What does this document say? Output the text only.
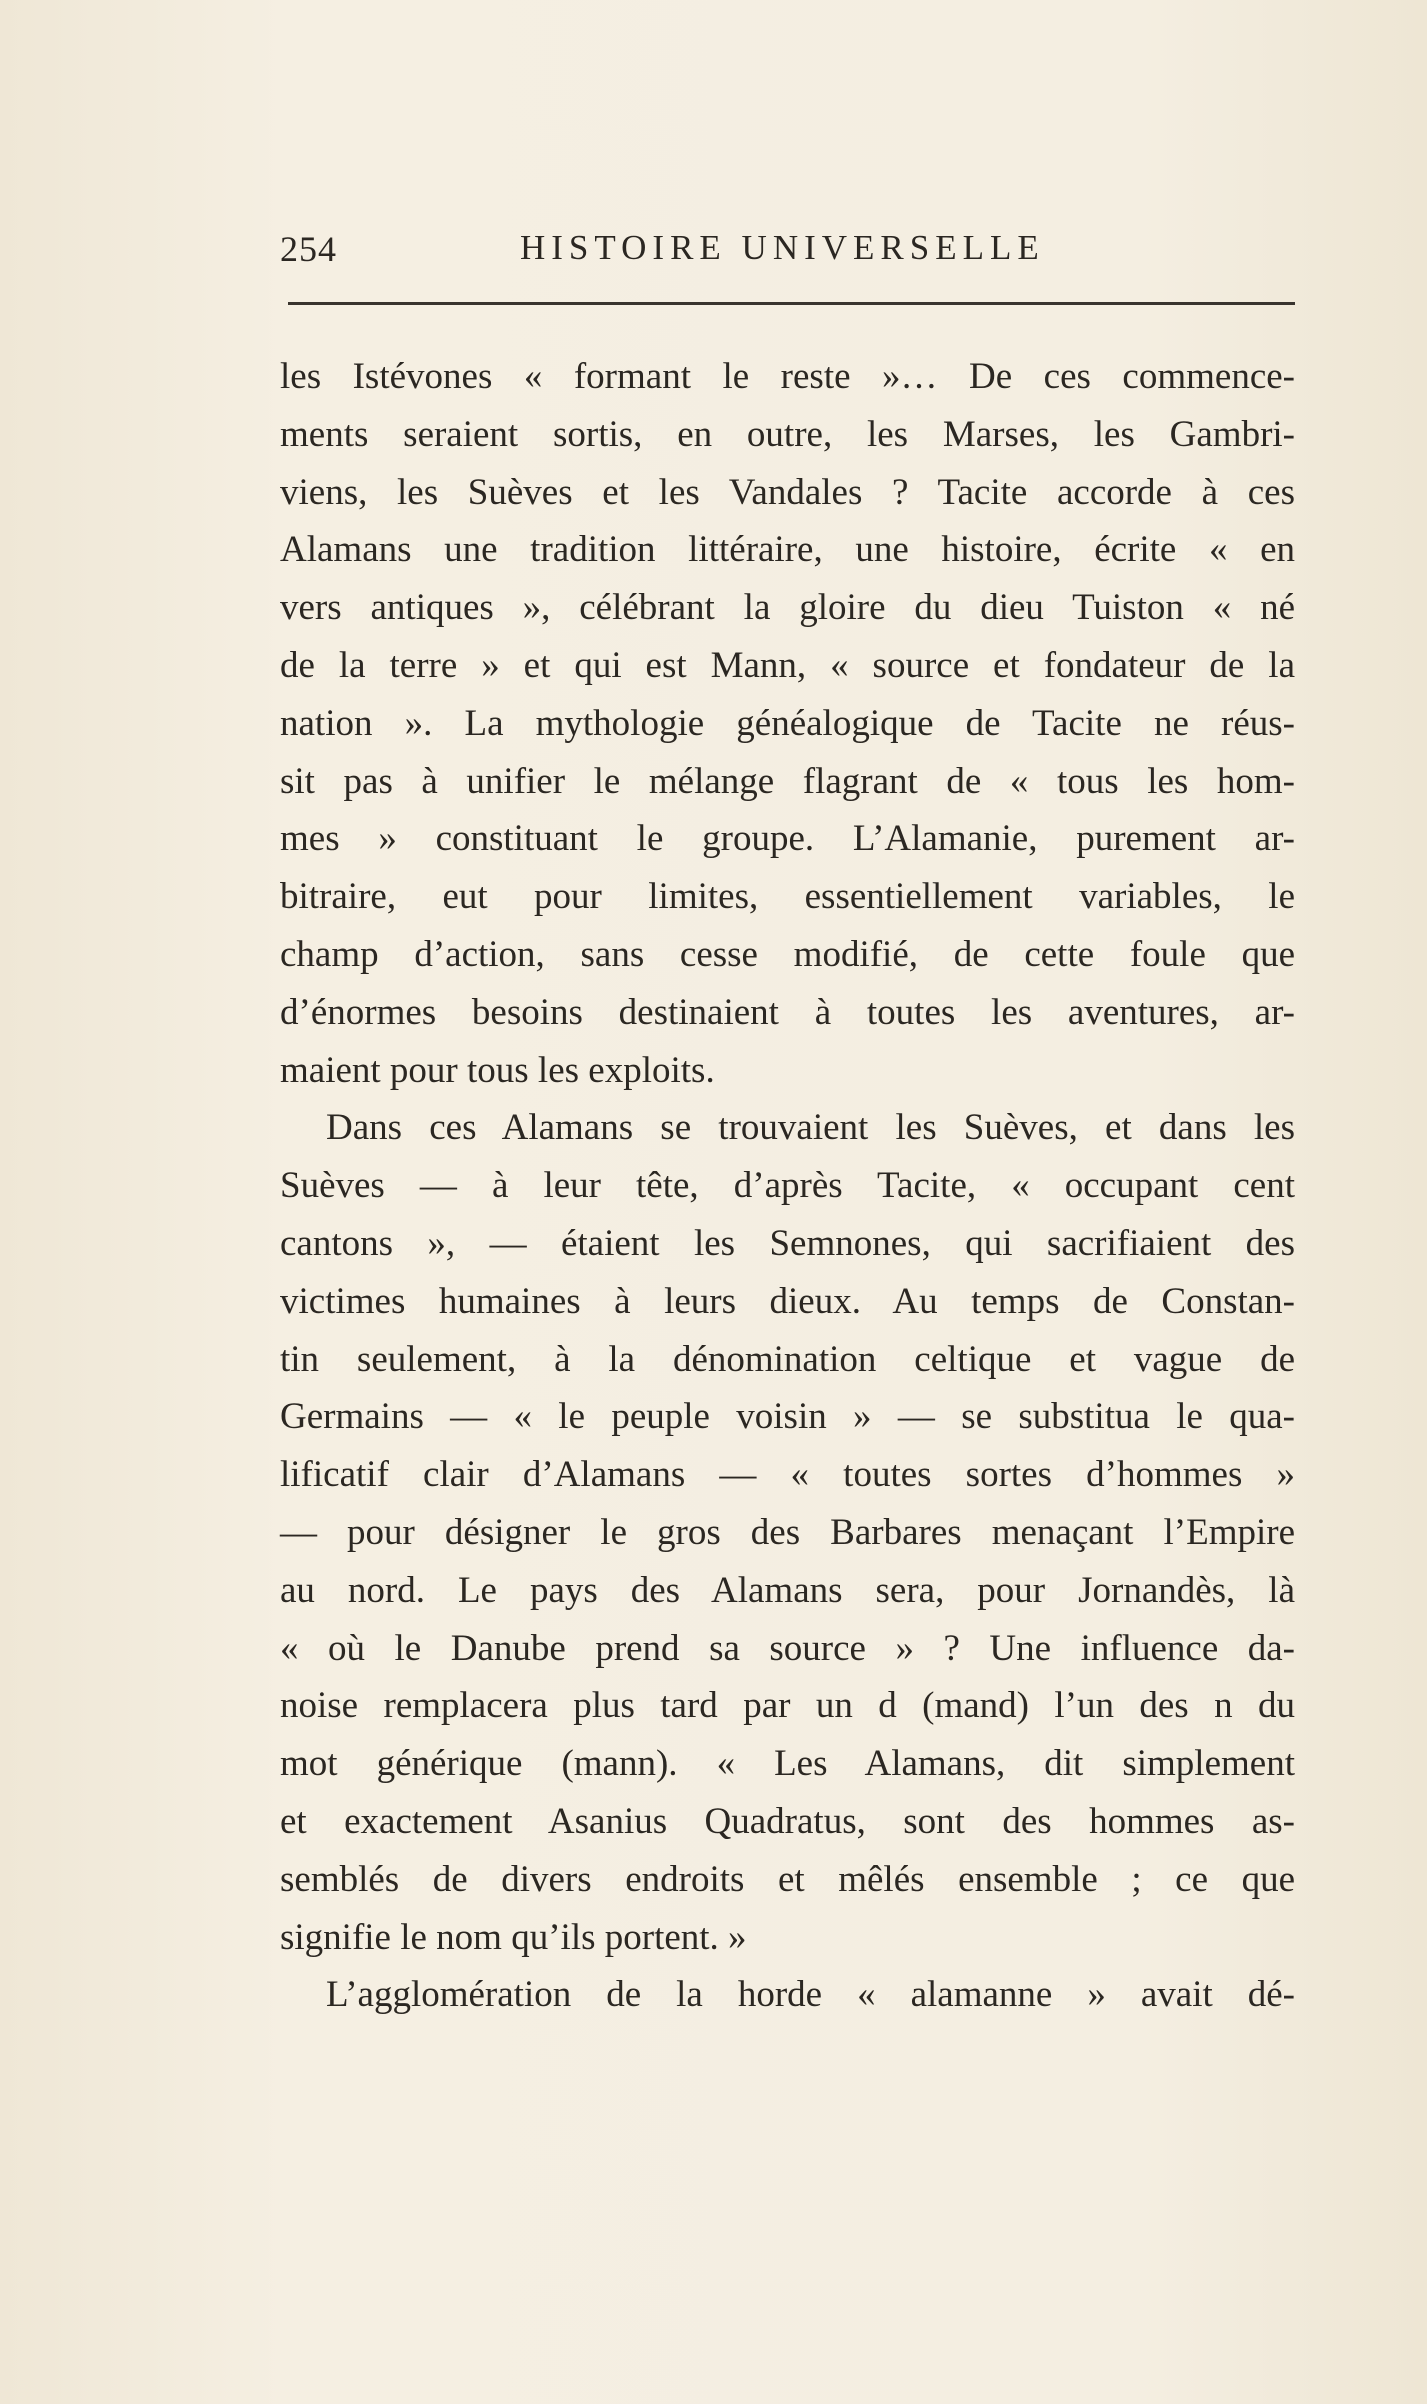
254	HISTOIRE UNIVERSELLE
les Istévones « formant le reste »… De ces commence-
ments seraient sortis, en outre, les Marses, les Gambri-
viens, les Suèves et les Vandales ? Tacite accorde à ces
Alamans une tradition littéraire, une histoire, écrite « en
vers antiques », célébrant la gloire du dieu Tuiston « né
de la terre » et qui est Mann, « source et fondateur de la
nation ». La mythologie généalogique de Tacite ne réus-
sit pas à unifier le mélange flagrant de « tous les hom-
mes » constituant le groupe. L’Alamanie, purement ar-
bitraire, eut pour limites, essentiellement variables, le
champ d’action, sans cesse modifié, de cette foule que
d’énormes besoins destinaient à toutes les aventures, ar-
maient pour tous les exploits.
Dans ces Alamans se trouvaient les Suèves, et dans les
Suèves — à leur tête, d’après Tacite, « occupant cent
cantons », — étaient les Semnones, qui sacrifiaient des
victimes humaines à leurs dieux. Au temps de Constan-
tin seulement, à la dénomination celtique et vague de
Germains — « le peuple voisin » — se substitua le qua-
lificatif clair d’Alamans — « toutes sortes d’hommes »
— pour désigner le gros des Barbares menaçant l’Empire
au nord. Le pays des Alamans sera, pour Jornandès, là
« où le Danube prend sa source » ? Une influence da-
noise remplacera plus tard par un d (mand) l’un des n du
mot générique (mann). « Les Alamans, dit simplement
et exactement Asanius Quadratus, sont des hommes as-
semblés de divers endroits et mêlés ensemble ; ce que
signifie le nom qu’ils portent. »
L’agglomération de la horde « alamanne » avait dé-
